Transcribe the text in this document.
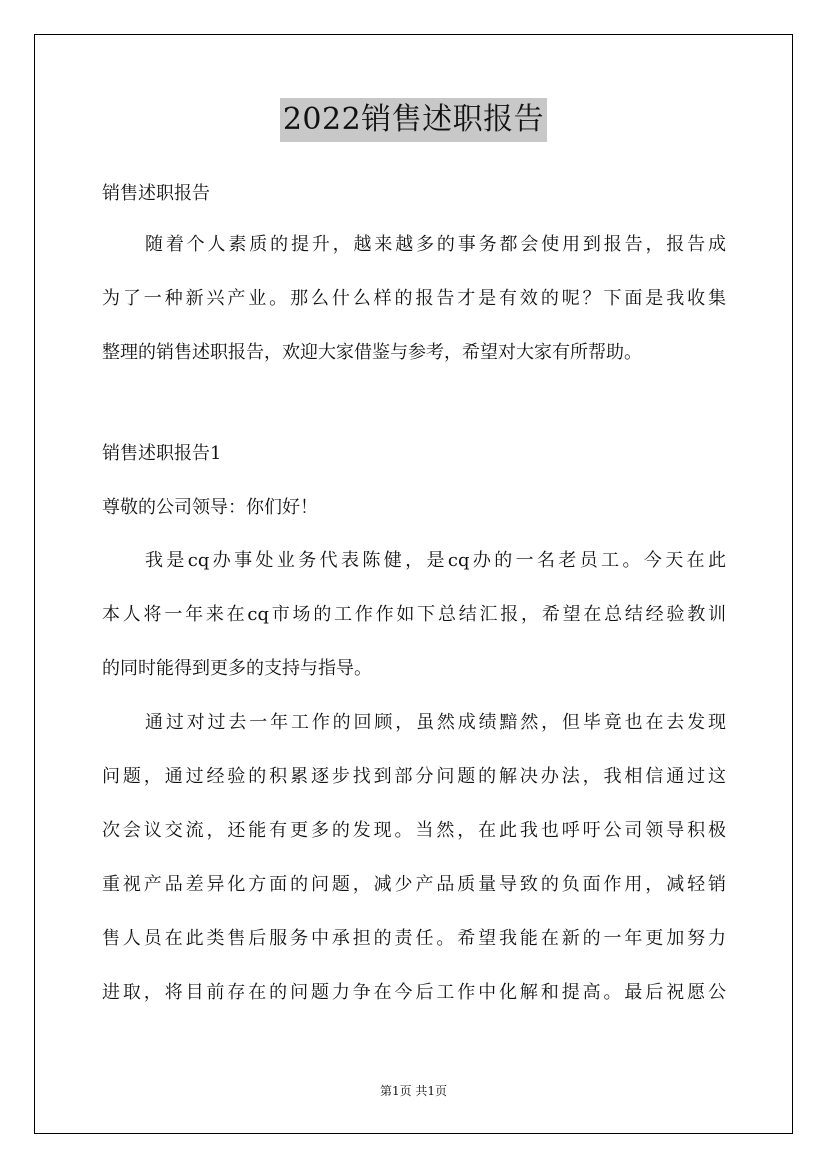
2022销售述职报告

销售述职报告

随着个人素质的提升，越来越多的事务都会使用到报告，报告成

为了一种新兴产业。那么什么样的报告才是有效的呢？下面是我收集

整理的销售述职报告，欢迎大家借鉴与参考，希望对大家有所帮助。

销售述职报告1

尊敬的公司领导：你们好！

我是cq办事处业务代表陈健，是cq办的一名老员工。今天在此

本人将一年来在cq市场的工作作如下总结汇报，希望在总结经验教训

的同时能得到更多的支持与指导。

通过对过去一年工作的回顾，虽然成绩黯然，但毕竟也在去发现

问题，通过经验的积累逐步找到部分问题的解决办法，我相信通过这

次会议交流，还能有更多的发现。当然，在此我也呼吁公司领导积极

重视产品差异化方面的问题，减少产品质量导致的负面作用，减轻销

售人员在此类售后服务中承担的责任。希望我能在新的一年更加努力

进取，将目前存在的问题力争在今后工作中化解和提高。最后祝愿公

第1页 共1页
